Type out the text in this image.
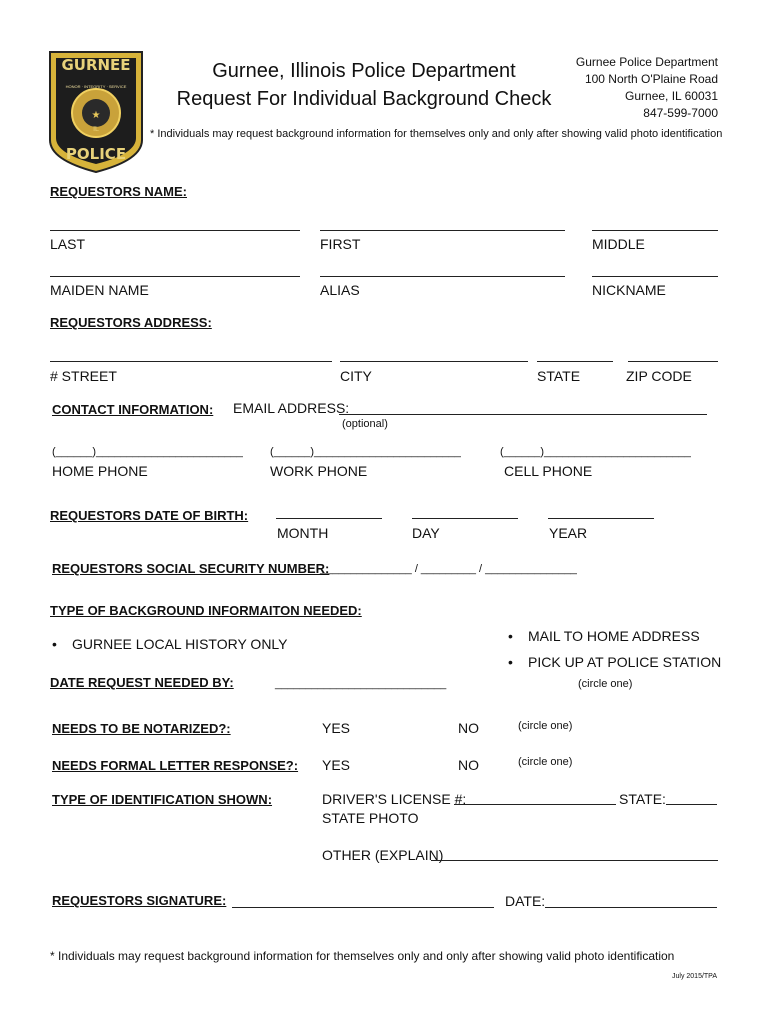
★
GURNEE
POLICE
HONOR · INTEGRITY · SERVICE
IL
Gurnee, Illinois Police Department
Request For Individual Background Check
Gurnee Police Department
100 North O'Plaine Road
Gurnee, IL 60031
847-599-7000
* Individuals may request background information for themselves only and only after showing valid photo identification
REQUESTORS NAME:
LAST	FIRST	MIDDLE
MAIDEN NAME	ALIAS	NICKNAME
REQUESTORS ADDRESS:
# STREET	CITY	STATE	ZIP CODE
CONTACT INFORMATION: EMAIL ADDRESS:
(optional)
(______)________________________ (______)________________________	(______)________________________
HOME PHONE	WORK PHONE	CELL PHONE
REQUESTORS DATE OF BIRTH:
MONTH	DAY	YEAR
REQUESTORS SOCIAL SECURITY NUMBER:
_______________ / _________ / _______________
TYPE OF BACKGROUND INFORMAITON NEEDED:
• GURNEE LOCAL HISTORY ONLY
•	MAIL TO HOME ADDRESS
• PICK UP AT POLICE STATION
(circle one)
DATE REQUEST NEEDED BY:	____________________________
NEEDS TO BE NOTARIZED?:	YES	NO	(circle one)
NEEDS FORMAL LETTER RESPONSE?: YES	NO	(circle one)
TYPE OF IDENTIFICATION SHOWN:	DRIVER'S LICENSE #:	STATE:
STATE PHOTO
OTHER (EXPLAIN)
REQUESTORS SIGNATURE:	DATE:
* Individuals may request background information for themselves only and only after showing valid photo identification
July 2015/TPA
